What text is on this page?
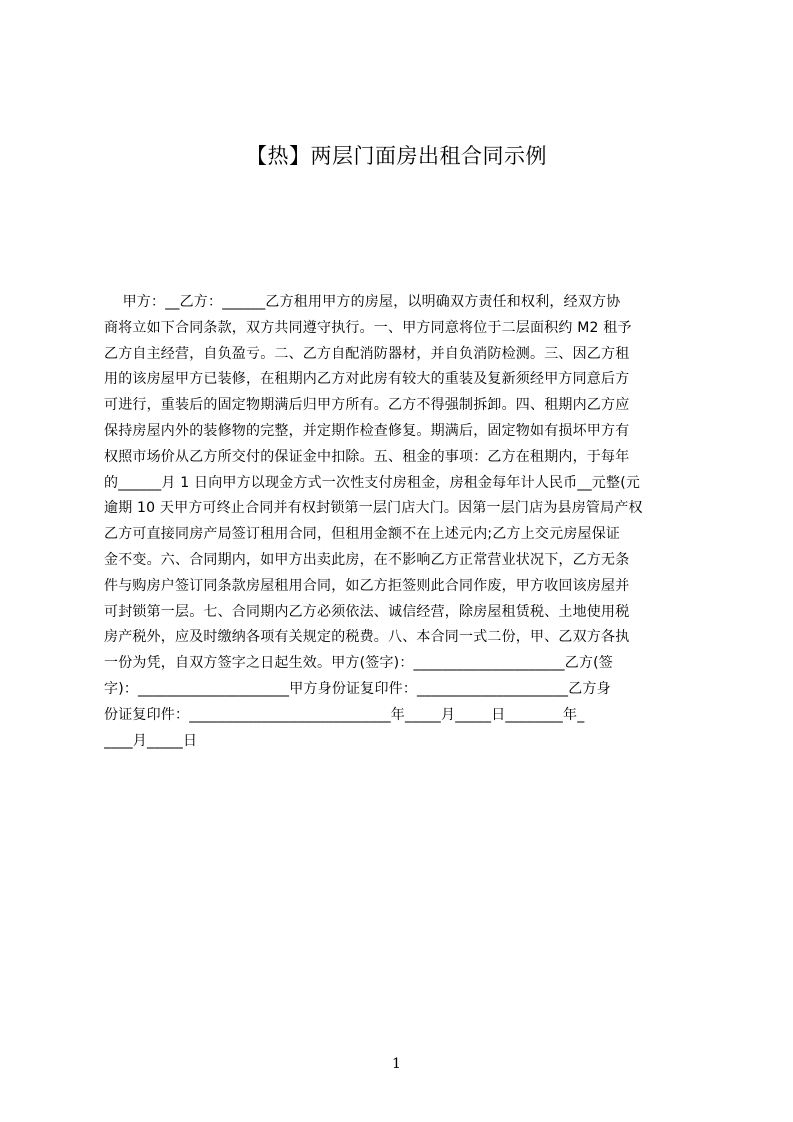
【热】两层门面房出租合同示例
甲方：__乙方：______乙方租用甲方的房屋，以明确双方责任和权利，经双方协
商将立如下合同条款，双方共同遵守执行。一、甲方同意将位于二层面积约 M2 租予
乙方自主经营，自负盈亏。二、乙方自配消防器材，并自负消防检测。三、因乙方租
用的该房屋甲方已装修，在租期内乙方对此房有较大的重装及复新须经甲方同意后方
可进行，重装后的固定物期满后归甲方所有。乙方不得强制拆卸。四、租期内乙方应
保持房屋内外的装修物的完整，并定期作检查修复。期满后，固定物如有损坏甲方有
权照市场价从乙方所交付的保证金中扣除。五、租金的事项：乙方在租期内，于每年
的______月 1 日向甲方以现金方式一次性支付房租金，房租金每年计人民币__元整(元
逾期 10 天甲方可终止合同并有权封锁第一层门店大门。因第一层门店为县房管局产权
乙方可直接同房产局签订租用合同，但租用金额不在上述元内;乙方上交元房屋保证
金不变。六、合同期内，如甲方出卖此房，在不影响乙方正常营业状况下，乙方无条
件与购房户签订同条款房屋租用合同，如乙方拒签则此合同作废，甲方收回该房屋并
可封锁第一层。七、合同期内乙方必须依法、诚信经营，除房屋租赁税、土地使用税
房产税外，应及时缴纳各项有关规定的税费。八、本合同一式二份，甲、乙双方各执
一份为凭，自双方签字之日起生效。甲方(签字)：_____________________乙方(签
字)：_____________________甲方身份证复印件：_____________________乙方身
份证复印件：____________________________年_____月_____日________年_
____月_____日
1
